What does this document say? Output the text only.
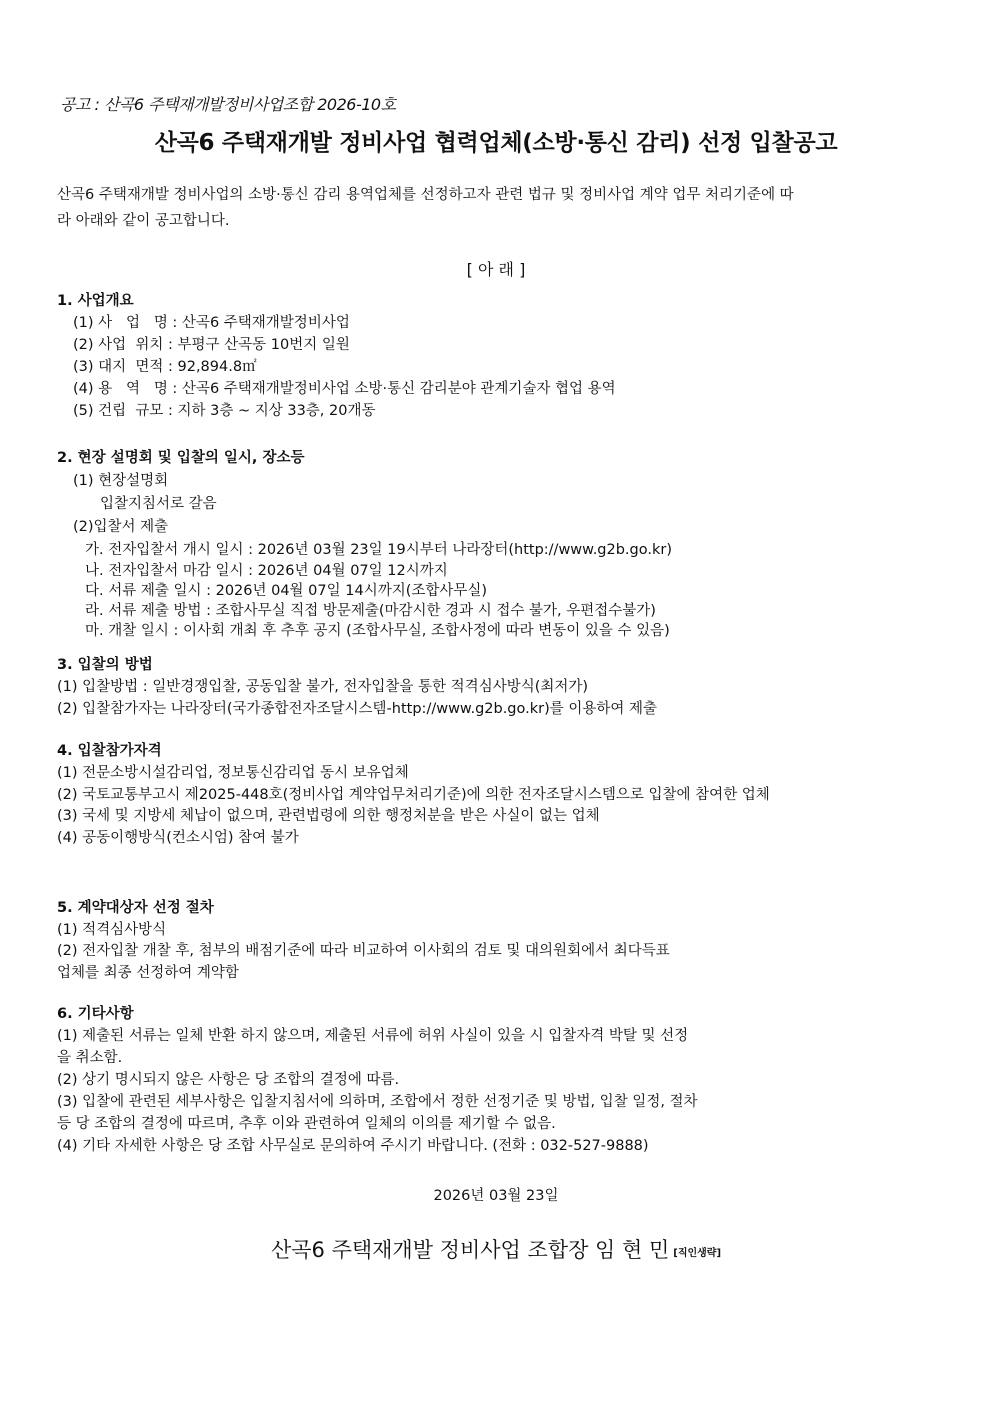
공고 : 산곡6 주택재개발정비사업조합 2026-10호
산곡6 주택재개발 정비사업 협력업체(소방·통신 감리) 선정 입찰공고
산곡6 주택재개발 정비사업의 소방·통신 감리 용역업체를 선정하고자 관련 법규 및 정비사업 계약 업무 처리기준에 따
라 아래와 같이 공고합니다.
[ 아 래 ]
1. 사업개요
(1) 사   업   명 : 산곡6 주택재개발정비사업
(2) 사업  위치 : 부평구 산곡동 10번지 일원
(3) 대지  면적 : 92,894.8㎡
(4) 용   역   명 : 산곡6 주택재개발정비사업 소방·통신 감리분야 관계기술자 협업 용역
(5) 건립  규모 : 지하 3층 ~ 지상 33층, 20개동
2. 현장 설명회 및 입찰의 일시, 장소등
(1) 현장설명회
입찰지침서로 갈음
(2)입찰서 제출
가. 전자입찰서 개시 일시 : 2026년 03월 23일 19시부터 나라장터(http://www.g2b.go.kr)
나. 전자입찰서 마감 일시 : 2026년 04월 07일 12시까지
다. 서류 제출 일시 : 2026년 04월 07일 14시까지(조합사무실)
라. 서류 제출 방법 : 조합사무실 직접 방문제출(마감시한 경과 시 접수 불가, 우편접수불가)
마. 개찰 일시 : 이사회 개최 후 추후 공지 (조합사무실, 조합사정에 따라 변동이 있을 수 있음)
3. 입찰의 방법
(1) 입찰방법 : 일반경쟁입찰, 공동입찰 불가, 전자입찰을 통한 적격심사방식(최저가)
(2) 입찰참가자는 나라장터(국가종합전자조달시스템-http://www.g2b.go.kr)를 이용하여 제출
4. 입찰참가자격
(1) 전문소방시설감리업, 정보통신감리업 동시 보유업체
(2) 국토교통부고시 제2025-448호(정비사업 계약업무처리기준)에 의한 전자조달시스템으로 입찰에 참여한 업체
(3) 국세 및 지방세 체납이 없으며, 관련법령에 의한 행정처분을 받은 사실이 없는 업체
(4) 공동이행방식(컨소시엄) 참여 불가
5. 계약대상자 선정 절차
(1) 적격심사방식
(2) 전자입찰 개찰 후, 첨부의 배점기준에 따라 비교하여 이사회의 검토 및 대의원회에서 최다득표
업체를 최종 선정하여 계약함
6. 기타사항
(1) 제출된 서류는 일체 반환 하지 않으며, 제출된 서류에 허위 사실이 있을 시 입찰자격 박탈 및 선정
을 취소함.
(2) 상기 명시되지 않은 사항은 당 조합의 결정에 따름.
(3) 입찰에 관련된 세부사항은 입찰지침서에 의하며, 조합에서 정한 선정기준 및 방법, 입찰 일정, 절차
등 당 조합의 결정에 따르며, 추후 이와 관련하여 일체의 이의를 제기할 수 없음.
(4) 기타 자세한 사항은 당 조합 사무실로 문의하여 주시기 바랍니다. (전화 : 032-527-9888)
2026년 03월 23일
산곡6 주택재개발 정비사업 조합장 임 현 민 [직인생략]
